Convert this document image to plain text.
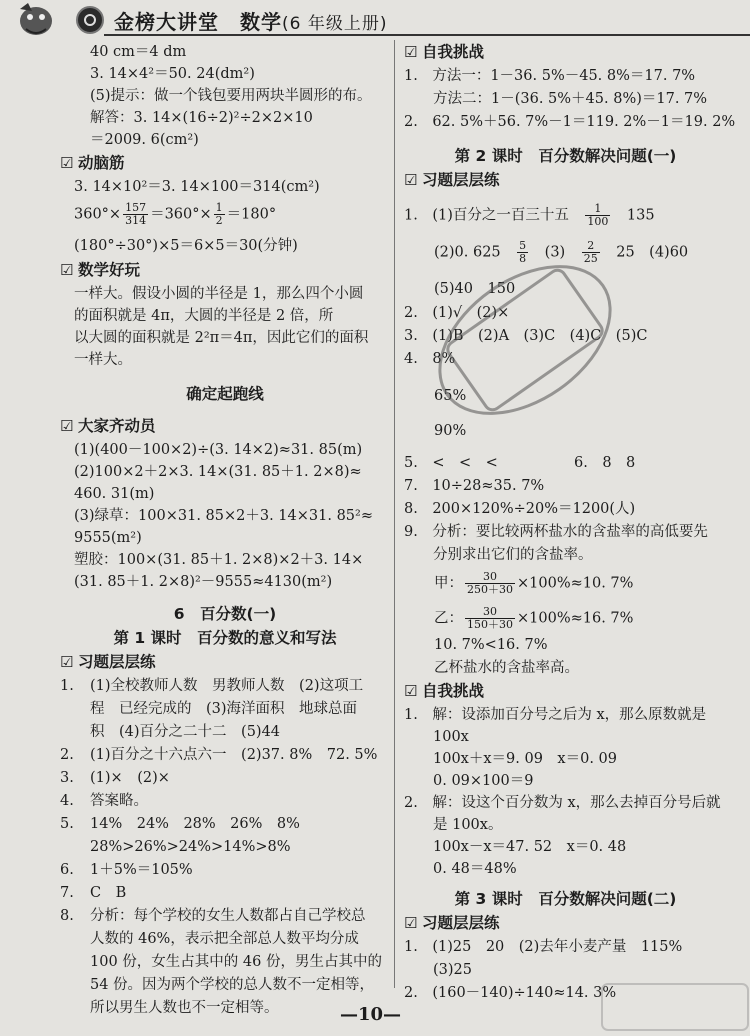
金榜大讲堂　 数学(6 年级上册)
40 cm＝4 dm
3. 14×4²＝50. 24(dm²)
(5)提示：做一个钱包要用两块半圆形的布。
解答：3. 14×(16÷2)²÷2×2×10
＝2009. 6(cm²)
☑ 动脑筋
3. 14×10²＝3. 14×100＝314(cm²)
$360^\circ\times \frac{157}{314} =360^\circ\times \frac{1}{2} =180^\circ$
(180°÷30°)×5＝6×5＝30(分钟)
☑ 数学好玩
一样大。假设小圆的半径是 1，那么四个小圆
的面积就是 4π，大圆的半径是 2 倍，所
以大圆的面积就是 2²π＝4π，因此它们的面积
一样大。
确定起跑线
☑ 大家齐动员
(1)(400－100×2)÷(3. 14×2)≈31. 85(m)
(2)100×2＋2×3. 14×(31. 85＋1. 2×8)≈
460. 31(m)
(3)绿草：100×31. 85×2＋3. 14×31. 85²≈
9555(m²)
塑胶：100×(31. 85＋1. 2×8)×2＋3. 14×
(31. 85＋1. 2×8)²－9555≈4130(m²)
6　百分数(一)
第 1 课时　百分数的意义和写法
☑ 习题层层练
1. (1)全校教师人数　男教师人数　(2)这项工
程　已经完成的　(3)海洋面积　地球总面
积　(4)百分之二十二　(5)44
2. (1)百分之十六点六一　(2)37. 8%　72. 5%
3. (1)×　(2)×
4. 答案略。
5. 14%　24%　28%　26%　8%
28%>26%>24%>14%>8%
6. 1＋5%＝105%
7. C　B
8. 分析：每个学校的女生人数都占自己学校总
人数的 46%，表示把全部总人数平均分成
100 份，女生占其中的 46 份，男生占其中的
54 份。因为两个学校的总人数不一定相等，
所以男生人数也不一定相等。
☑ 自我挑战
1.　方法一：1－36. 5%－45. 8%＝17. 7%
　　方法二：1－(36. 5%＋45. 8%)＝17. 7%
2.　62. 5%＋56. 7%－1＝119. 2%－1＝19. 2%
第 2 课时　百分数解决问题(一)
☑ 习题层层练
1.　(1)百分之一百三十五　 $\frac{1}{100}$
　 135
(2)0. 625　 $\frac{5}{8}$
　 (3)　 $\frac{2}{25}$
　 25　(4)60
(5)40　150
2.　(1)√　(2)×
3.　(1)B　(2)A　(3)C　(4)C　(5)C
4.　8%
65%
90%
5.　<　<　<	6.　8　8
7.　10÷28≈35. 7%
8.　200×120%÷20%＝1200(人)
9.　分析：要比较两杯盐水的含盐率的高低要先
　　分别求出它们的含盐率。
甲： $\frac{30}{250+30} \times 100\%\approx 10$. 7%
乙： $\frac{30}{150+30} \times 100\%\approx 16$. 7%
10. 7%<16. 7%
乙杯盐水的含盐率高。
☑ 自我挑战
1.　解：设添加百分号之后为 x，那么原数就是
　　100x
　　100x＋x＝9. 09　x＝0. 09
　　0. 09×100＝9
2.　解：设这个百分数为 x，那么去掉百分号后就
　　是 100x。
　　100x－x＝47. 52　x＝0. 48
　　0. 48＝48%
第 3 课时　百分数解决问题(二)
☑ 习题层层练
1.　(1)25　20　(2)去年小麦产量　115%
　　(3)25
2.　(160－140)÷140≈14. 3%
—10—
